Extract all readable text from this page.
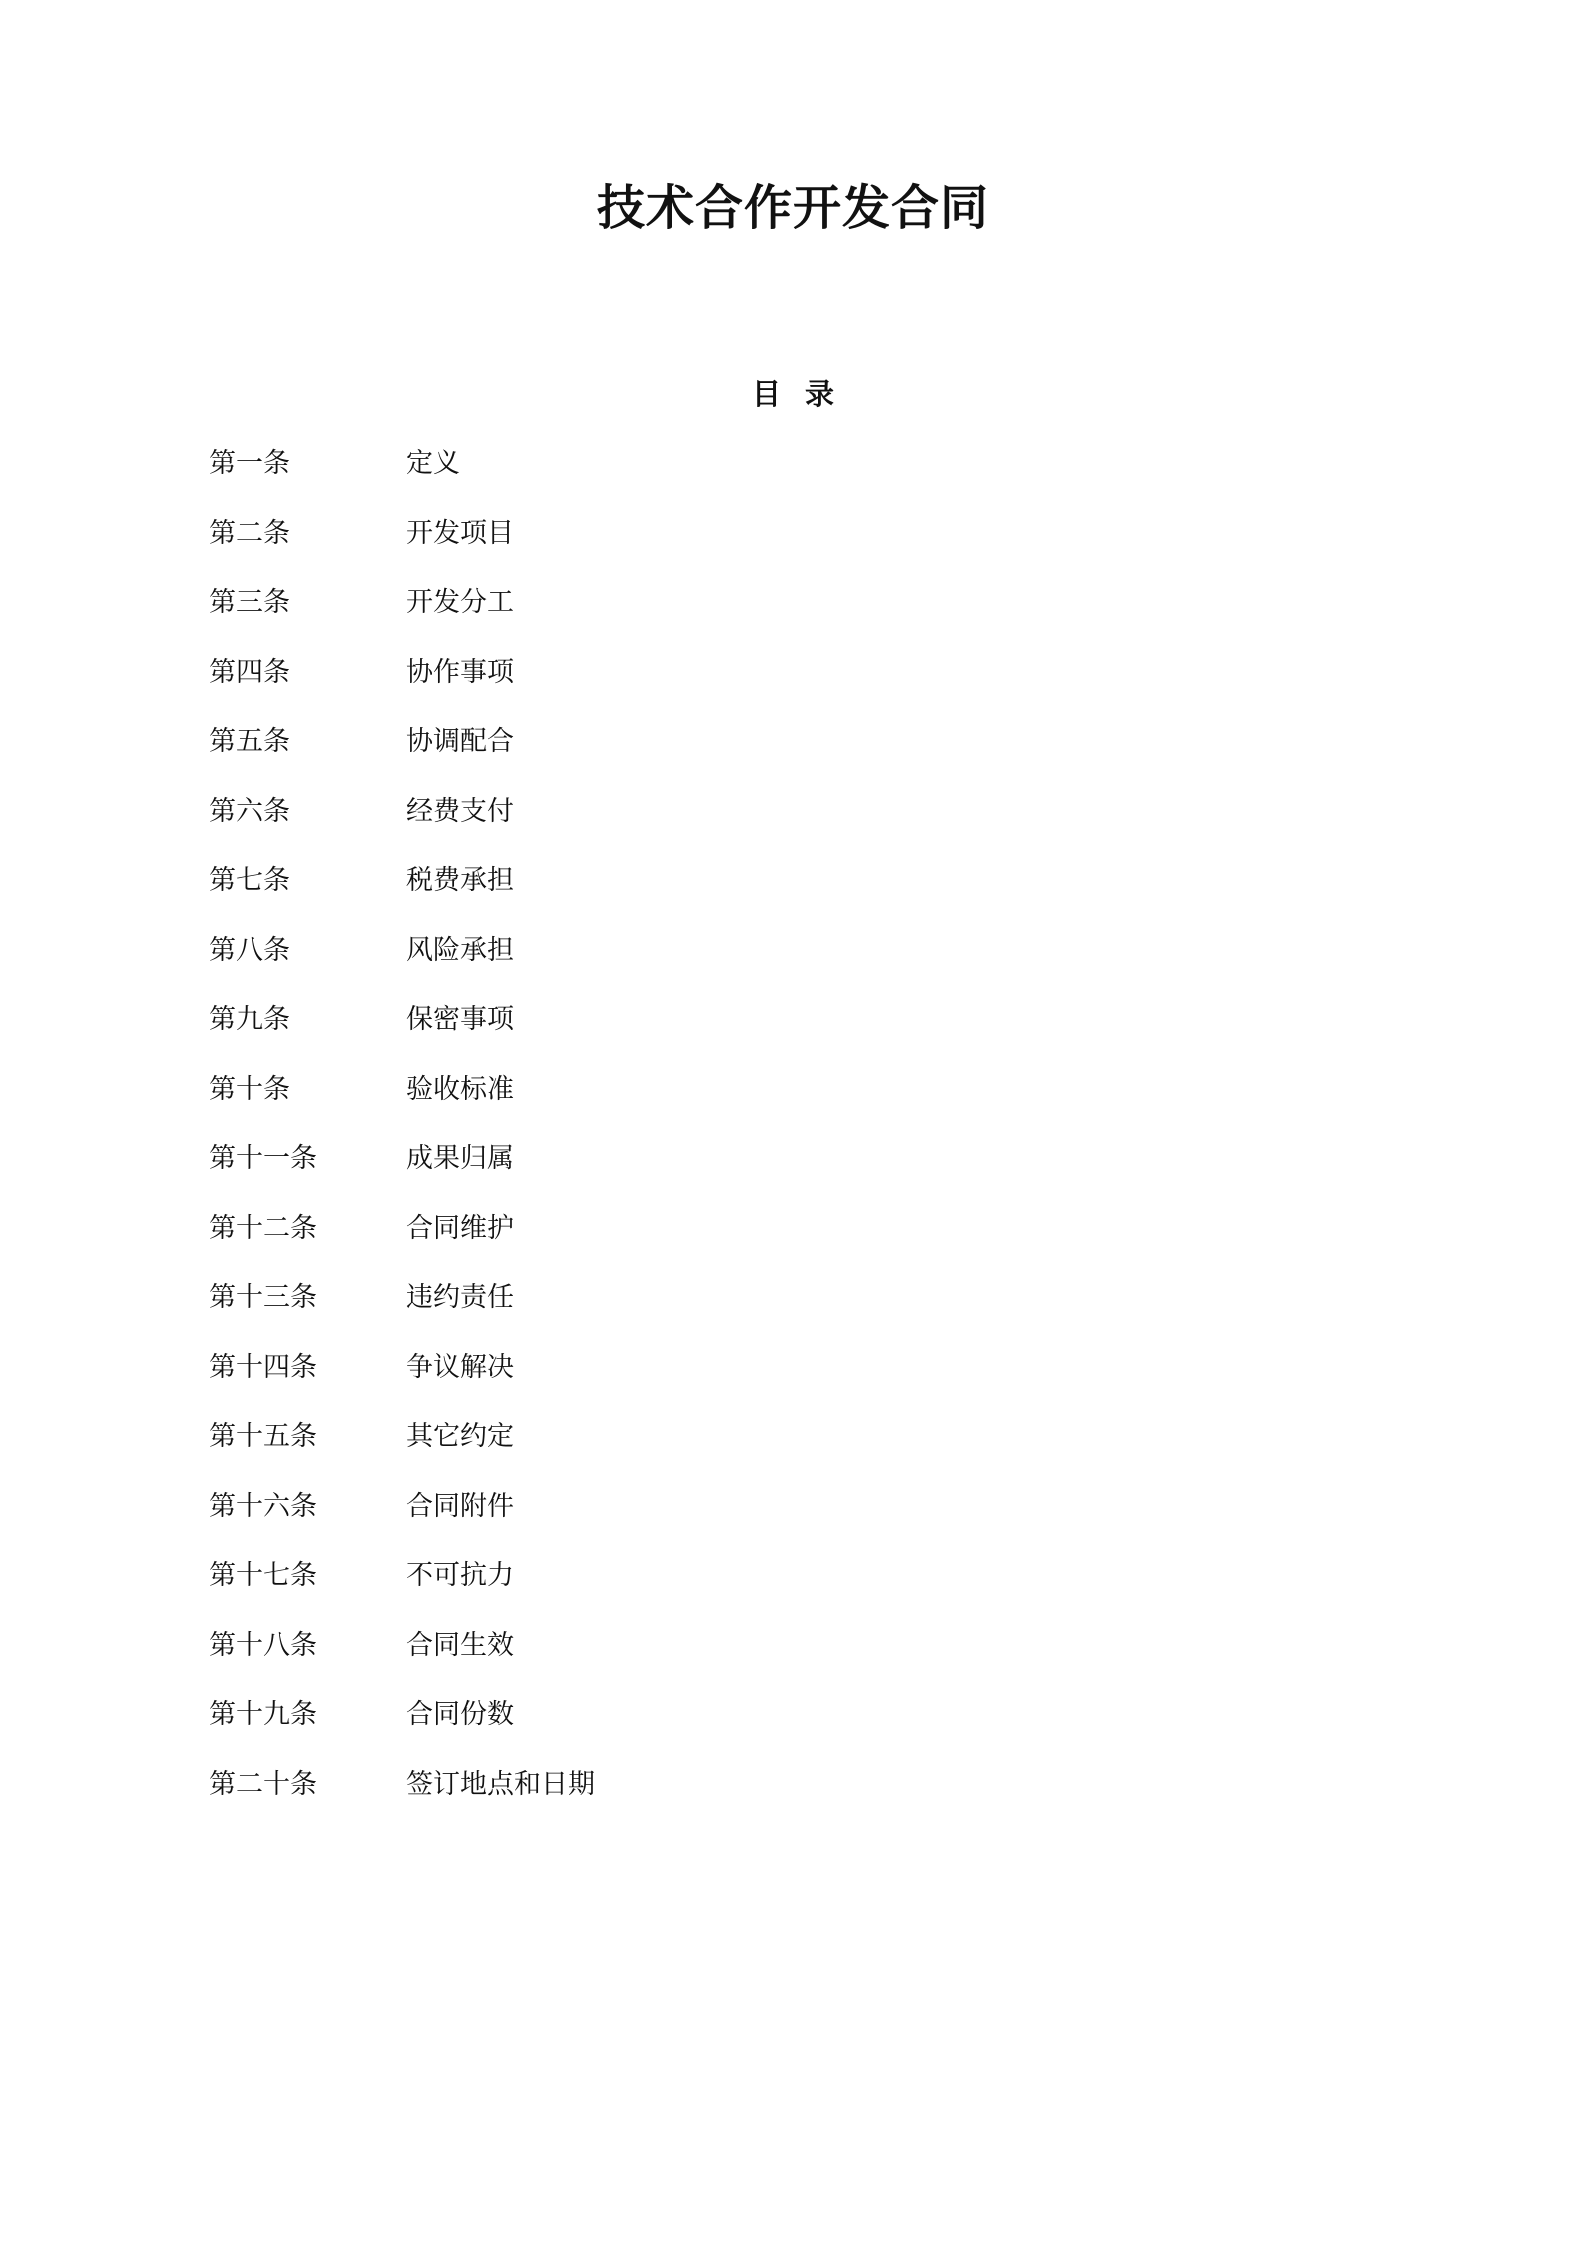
技术合作开发合同
目 录
第一条	定义
第二条	开发项目
第三条	开发分工
第四条	协作事项
第五条	协调配合
第六条	经费支付
第七条	税费承担
第八条	风险承担
第九条	保密事项
第十条	验收标准
第十一条	成果归属
第十二条	合同维护
第十三条	违约责任
第十四条	争议解决
第十五条	其它约定
第十六条	合同附件
第十七条	不可抗力
第十八条	合同生效
第十九条	合同份数
第二十条	签订地点和日期
